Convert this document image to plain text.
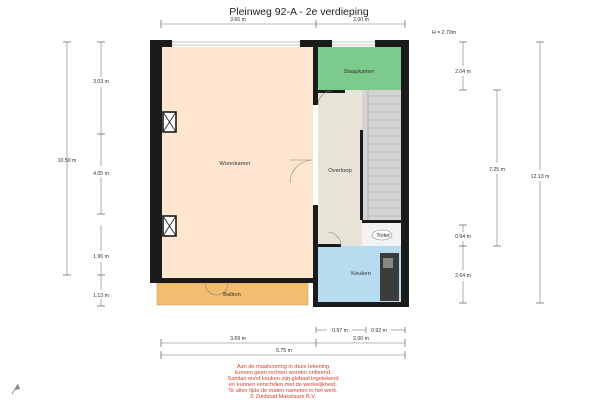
Pleinweg 92-A - 2e verdieping
H = 2.70m
3.65 m	2.00 m
10.50 m
3.03 m
4.05 m
1.96 m
1.13 m
2.04 m
0.94 m
2.64 m
7.25 m
12.13 m
Woonkamer
Slaapkamer
Overloop
Toilet
Keuken
Balkon
0.97 m	0.92 m
3.69 m	2.00 m
5.75 m
Aan de maatvoering in deze tekening
kunnen geen rechten worden ontleend.
Sanitair en/of keuken zijn globaal ingetekend
en kunnen verschillen met de werkelijkheid.
Te allen tijde de maten nameten in het werk.
© Zuidstad Makelaars B.V.
